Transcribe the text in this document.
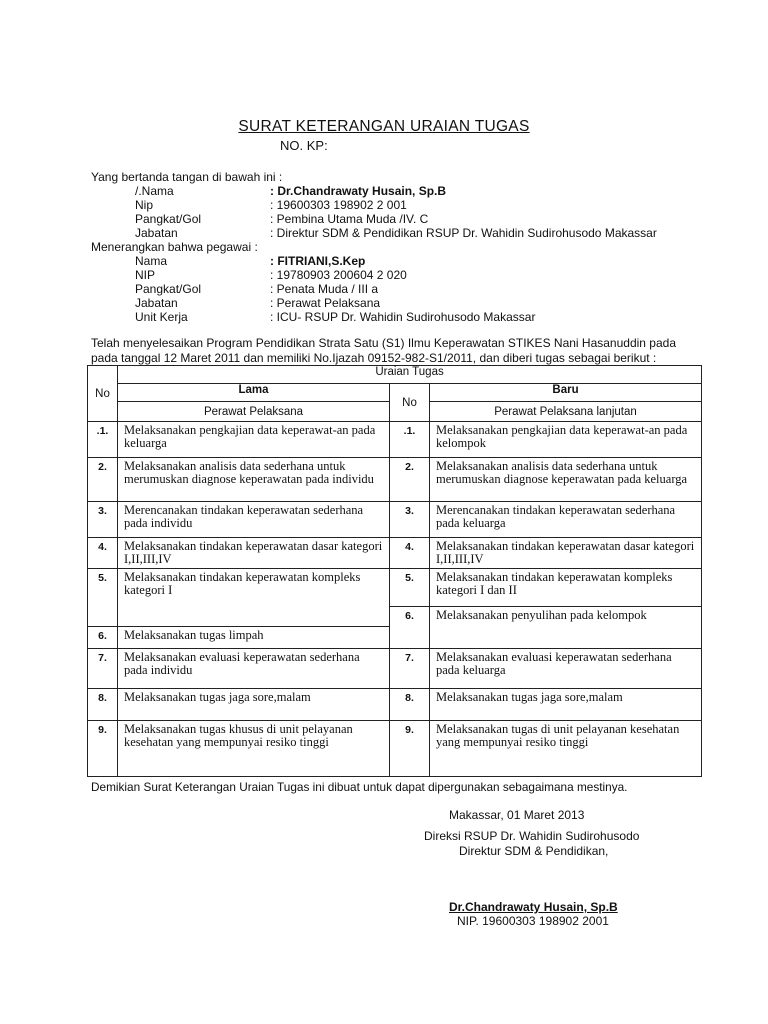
SURAT KETERANGAN URAIAN TUGAS
NO. KP:
Yang bertanda tangan di bawah ini :
/.Nama	: Dr.Chandrawaty Husain, Sp.B
Nip	: 19600303 198902 2 001
Pangkat/Gol	: Pembina Utama Muda /IV. C
Jabatan	: Direktur SDM & Pendidikan RSUP Dr. Wahidin Sudirohusodo Makassar
Menerangkan bahwa pegawai :
Nama	: FITRIANI,S.Kep
NIP	: 19780903 200604 2 020
Pangkat/Gol	: Penata Muda / III a
Jabatan	: Perawat Pelaksana
Unit Kerja	: ICU- RSUP Dr. Wahidin Sudirohusodo Makassar
Telah menyelesaikan Program Pendidikan Strata Satu (S1) Ilmu Keperawatan STIKES Nani Hasanuddin pada
pada tanggal 12 Maret 2011 dan memiliki No.Ijazah 09152-982-S1/2011, dan diberi tugas sebagai berikut :
No	Uraian Tugas		
	Lama	No	Baru
	Perawat Pelaksana		Perawat Pelaksana lanjutan
.1.	Melaksanakan pengkajian data keperawat-an pada keluarga	.1.	Melaksanakan pengkajian data keperawat-an pada kelompok
2.	Melaksanakan analisis data sederhana untuk merumuskan diagnose keperawatan pada individu	2.	Melaksanakan analisis data sederhana untuk merumuskan diagnose keperawatan pada keluarga
3.	Merencanakan tindakan keperawatan sederhana pada individu	3.	Merencanakan tindakan keperawatan sederhana pada keluarga
4.	Melaksanakan tindakan keperawatan dasar kategori I,II,III,IV	4.	Melaksanakan tindakan keperawatan dasar kategori I,II,III,IV
5.	Melaksanakan tindakan keperawatan kompleks kategori I	5.	Melaksanakan tindakan keperawatan kompleks kategori I dan II
		6.	Melaksanakan penyulihan pada kelompok
6.	Melaksanakan tugas limpah		
7.	Melaksanakan evaluasi keperawatan sederhana pada individu	7.	Melaksanakan evaluasi keperawatan sederhana pada keluarga
8.	Melaksanakan tugas jaga sore,malam	8.	Melaksanakan tugas jaga sore,malam
9.	Melaksanakan tugas khusus di unit pelayanan kesehatan yang mempunyai resiko tinggi	9.	Melaksanakan tugas di unit pelayanan kesehatan yang mempunyai resiko tinggi
Demikian Surat Keterangan Uraian Tugas ini dibuat untuk dapat dipergunakan sebagaimana mestinya.
Makassar, 01 Maret 2013
Direksi RSUP Dr. Wahidin Sudirohusodo
Direktur SDM & Pendidikan,
Dr.Chandrawaty Husain, Sp.B
NIP. 19600303 198902 2001
